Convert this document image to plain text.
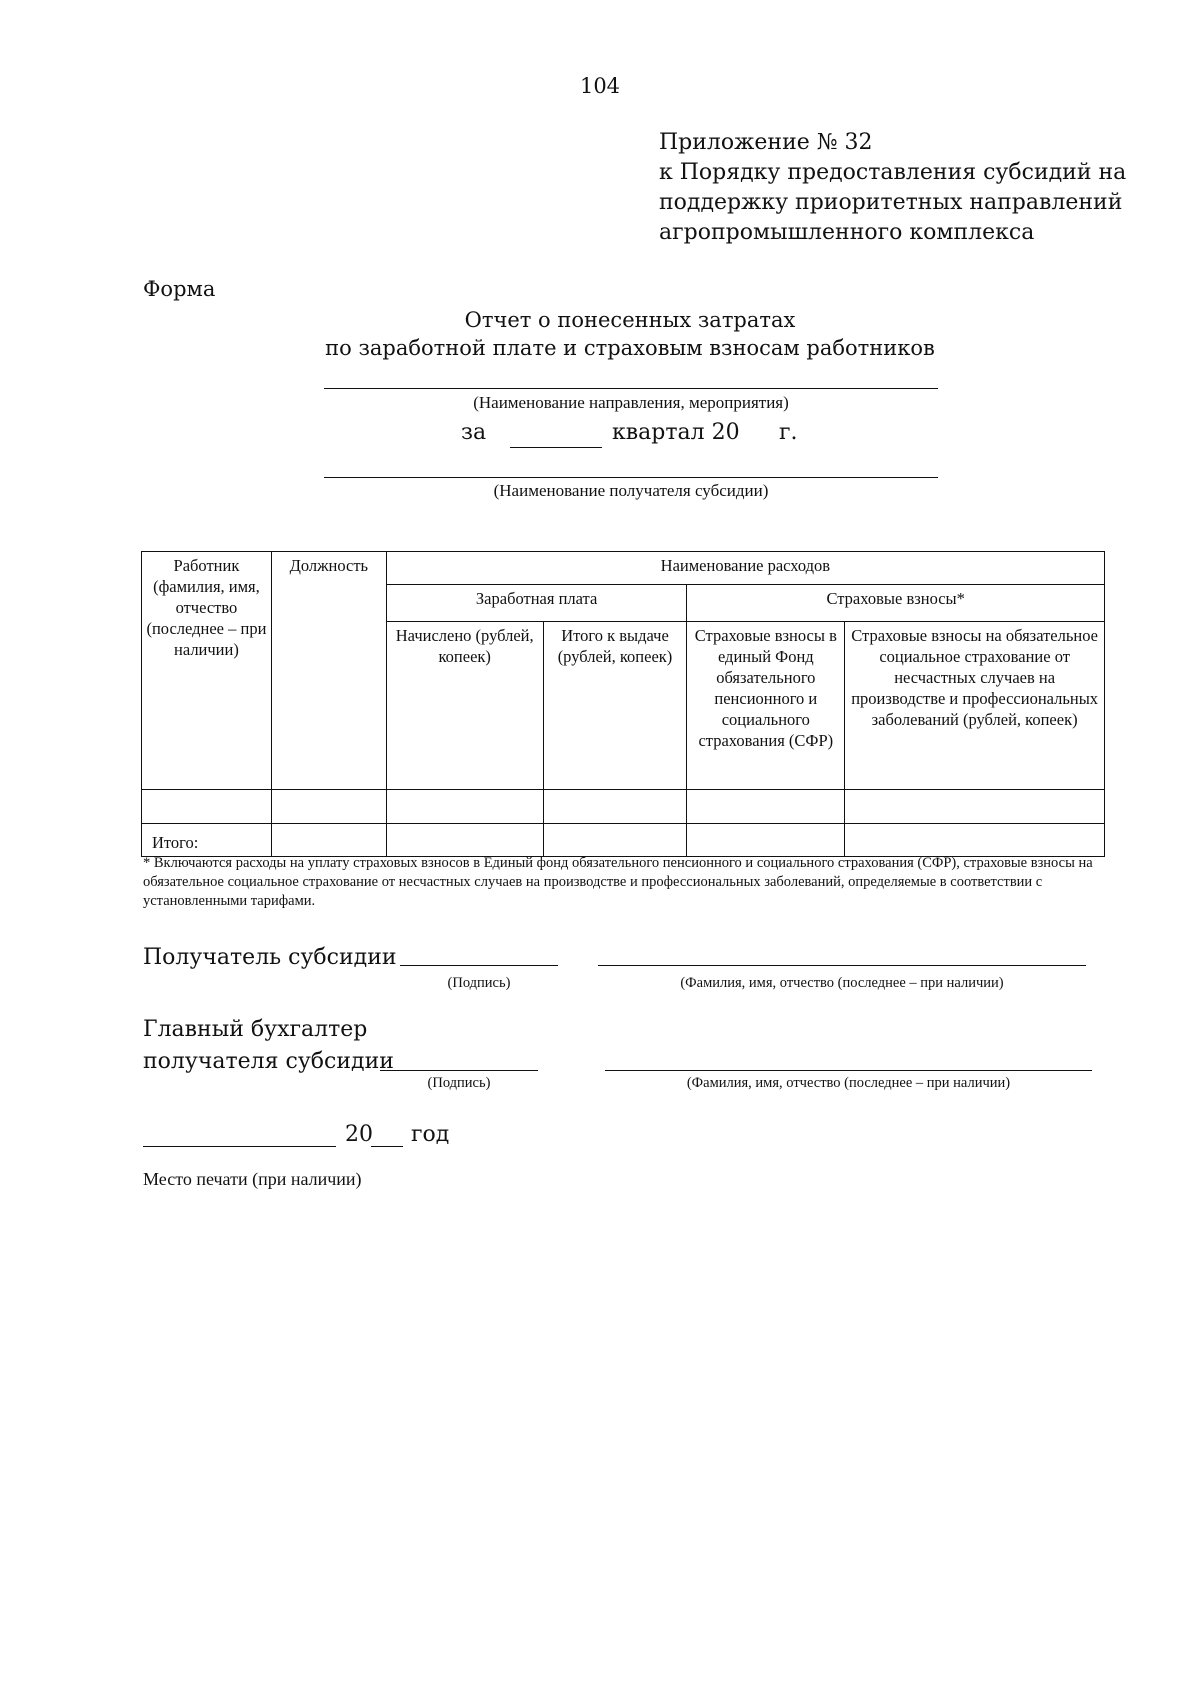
104
Приложение № 32
к Порядку предоставления субсидий на
поддержку приоритетных направлений
агропромышленного комплекса
Форма
Отчет о понесенных затратах
по заработной плате и страховым взносам работников
(Наименование направления, мероприятия)
за	квартал 20 г.
(Наименование получателя субсидии)
Работник (фамилия, имя, отчество (последнее – при наличии)	Должность	Наименование расходов			
		Заработная плата		Страховые взносы*	
		Начислено (рублей, копеек)	Итого к выдаче (рублей, копеек)	Страховые взносы в единый Фонд обязательного пенсионного и социального страхования (СФР)	Страховые взносы на обязательное социальное страхование от несчастных случаев на производстве и профессиональных заболеваний (рублей, копеек)

Итого:					
* Включаются расходы на уплату страховых взносов в Единый фонд обязательного пенсионного и социального страхования (СФР), страховые взносы на обязательное социальное страхование от несчастных случаев на производстве и профессиональных заболеваний, определяемые в соответствии с установленными тарифами.
Получатель субсидии
(Подпись)	(Фамилия, имя, отчество (последнее – при наличии)
Главный бухгалтер
получателя субсидии
(Подпись)	(Фамилия, имя, отчество (последнее – при наличии)
20 год
Место печати (при наличии)
